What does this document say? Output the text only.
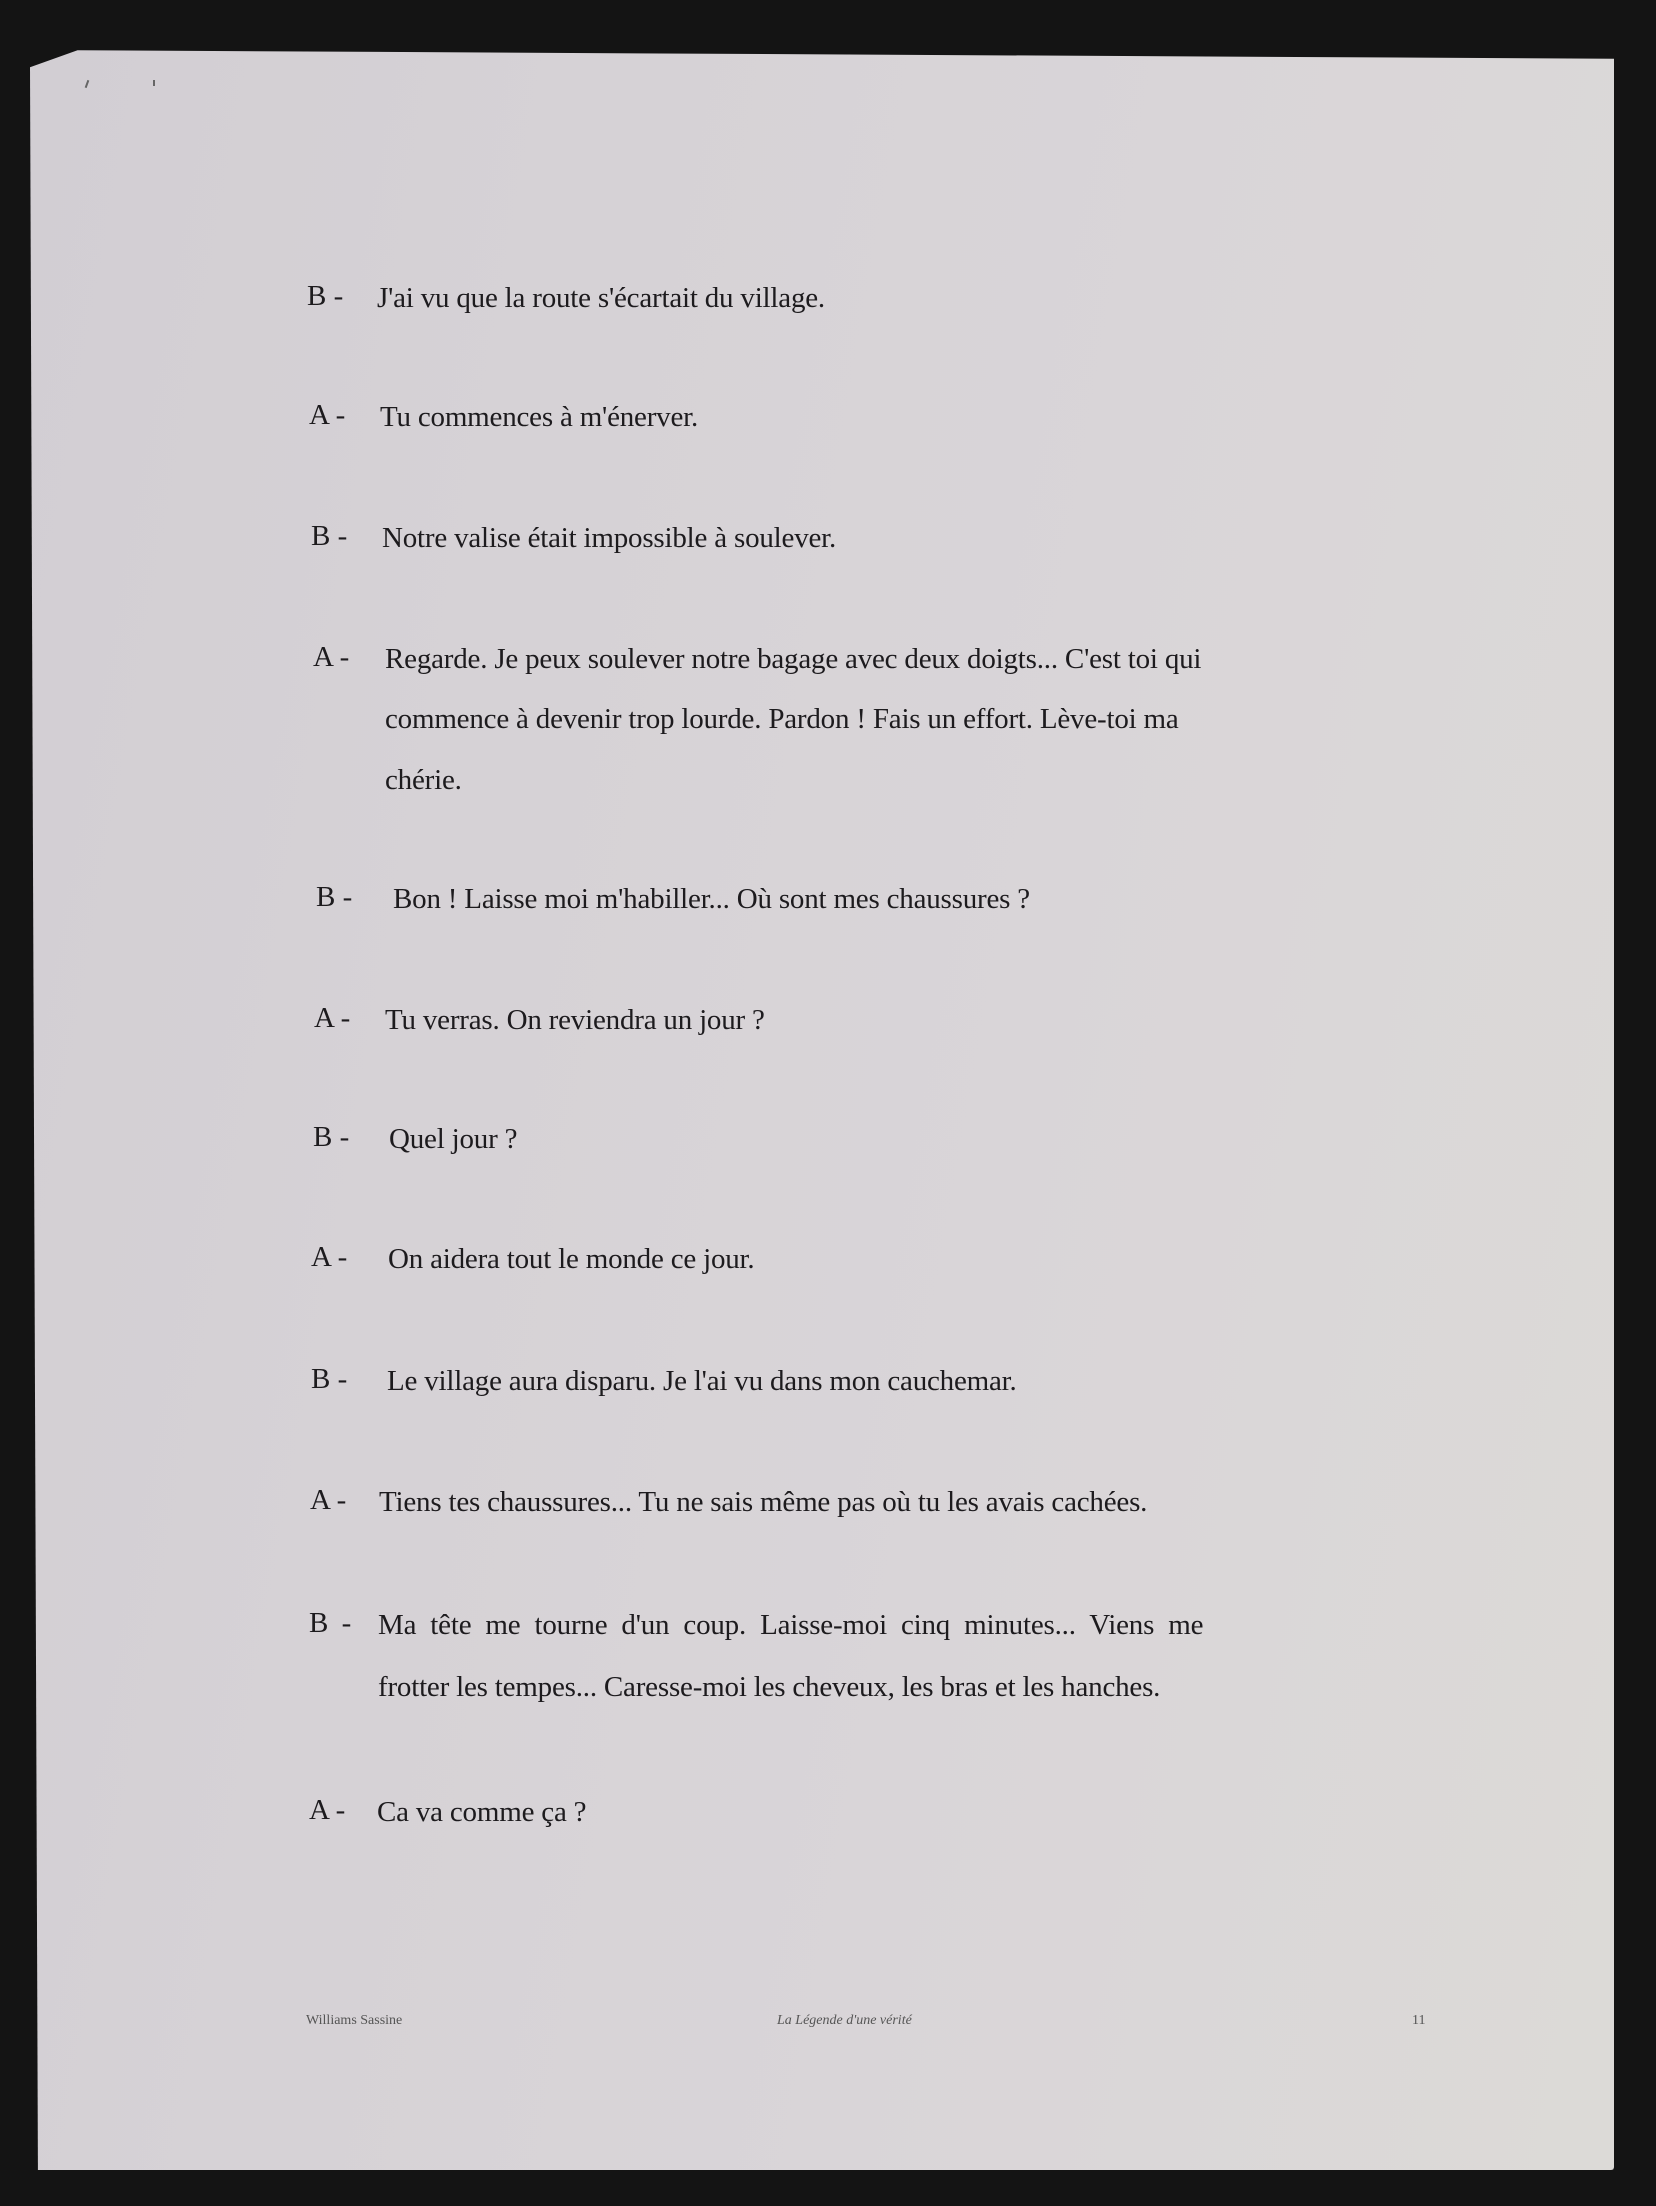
B - J'ai vu que la route s'écartait du village.
A - Tu commences à m'énerver.
B - Notre valise était impossible à soulever.
A - Regarde. Je peux soulever notre bagage avec deux doigts... C'est toi qui
commence à devenir trop lourde. Pardon ! Fais un effort. Lève-toi ma
chérie.
B - Bon ! Laisse moi m'habiller... Où sont mes chaussures ?
A - Tu verras. On reviendra un jour ?
B - Quel jour ?
A - On aidera tout le monde ce jour.
B - Le village aura disparu. Je l'ai vu dans mon cauchemar.
A - Tiens tes chaussures... Tu ne sais même pas où tu les avais cachées.
B - Ma tête me tourne d'un coup. Laisse-moi cinq minutes... Viens me
frotter les tempes... Caresse-moi les cheveux, les bras et les hanches.
A - Ca va comme ça ?
Williams Sassine	La Légende d'une vérité	11
